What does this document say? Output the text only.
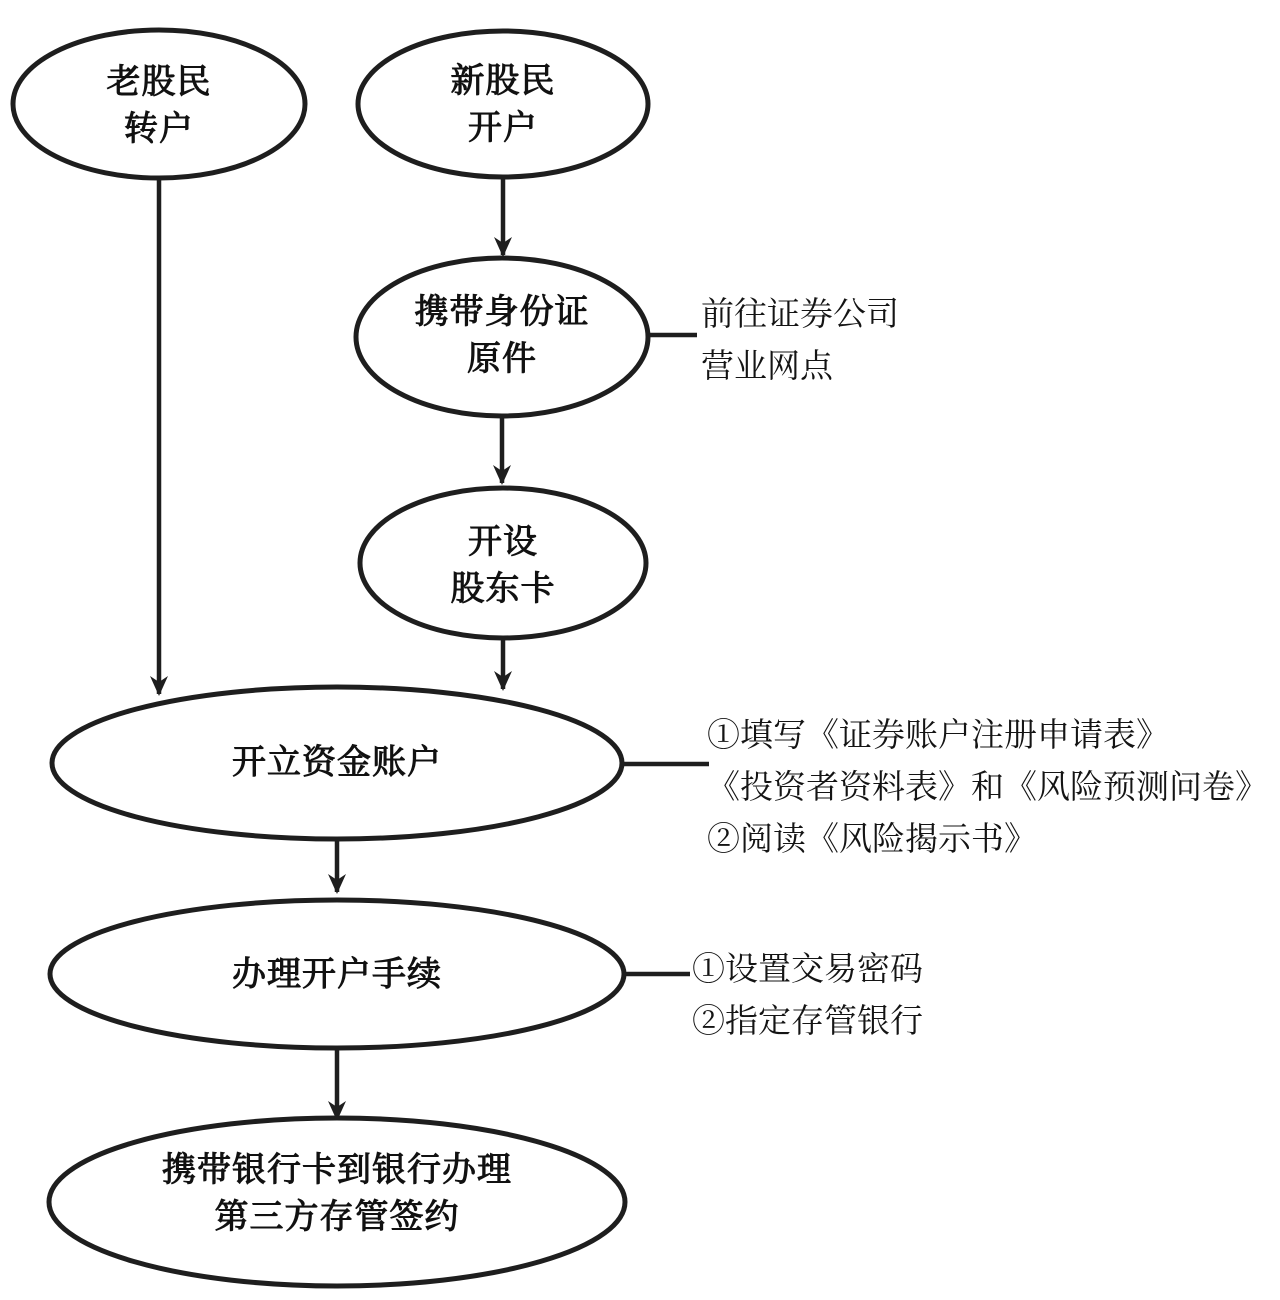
老股民
转户
新股民
开户
携带身份证
原件
开设
股东卡
开立资金账户
办理开户手续
携带银行卡到银行办理
第三方存管签约
前往证券公司
营业网点
①填写《证券账户注册申请表》
《投资者资料表》和《风险预测问卷》
②阅读《风险揭示书》
①设置交易密码
②指定存管银行
